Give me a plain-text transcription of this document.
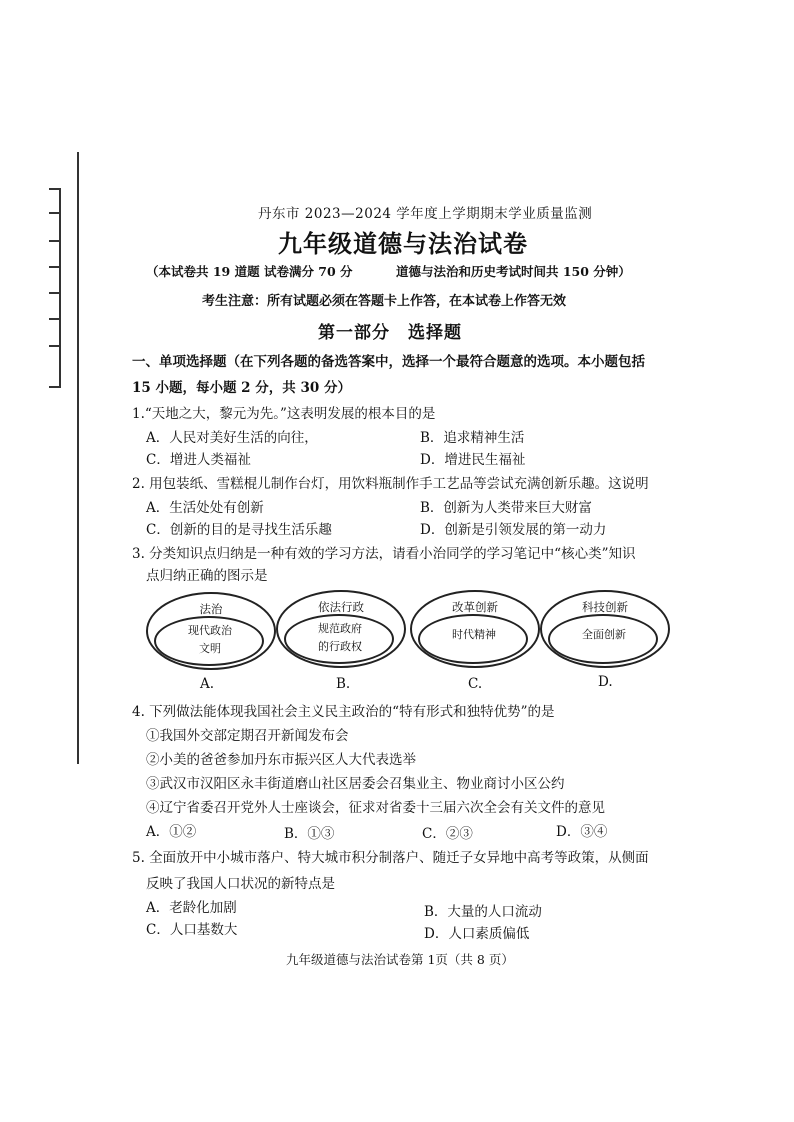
丹东市 2023—2024 学年度上学期期末学业质量监测
九年级道德与法治试卷
（本试卷共 19 道题 试卷满分 70 分	道德与法治和历史考试时间共 150 分钟）
考生注意：所有试题必须在答题卡上作答，在本试卷上作答无效
第一部分　选择题
一、单项选择题（在下列各题的备选答案中，选择一个最符合题意的选项。本小题包括
15 小题，每小题 2 分，共 30 分）
1.“天地之大，黎元为先。”这表明发展的根本目的是
A．人民对美好生活的向往，	B．追求精神生活
C．增进人类福祉	D．增进民生福祉
2. 用包装纸、雪糕棍儿制作台灯，用饮料瓶制作手工艺品等尝试充满创新乐趣。这说明
A．生活处处有创新	B．创新为人类带来巨大财富
C．创新的目的是寻找生活乐趣	D．创新是引领发展的第一动力
3. 分类知识点归纳是一种有效的学习方法，请看小治同学的学习笔记中“核心类”知识
点归纳正确的图示是
法治
现代政治
文明
A.
依法行政
规范政府
的行政权
B.
改革创新
时代精神
C.
科技创新
全面创新
D.
4. 下列做法能体现我国社会主义民主政治的“特有形式和独特优势”的是
①我国外交部定期召开新闻发布会
②小美的爸爸参加丹东市振兴区人大代表选举
③武汉市汉阳区永丰街道磨山社区居委会召集业主、物业商讨小区公约
④辽宁省委召开党外人士座谈会，征求对省委十三届六次全会有关文件的意见
A．①②	B．①③	C．②③	D．③④
5. 全面放开中小城市落户、特大城市积分制落户、随迁子女异地中高考等政策，从侧面
反映了我国人口状况的新特点是
A．老龄化加剧	B．大量的人口流动
C．人口基数大	D．人口素质偏低
九年级道德与法治试卷第 1页（共 8 页）
